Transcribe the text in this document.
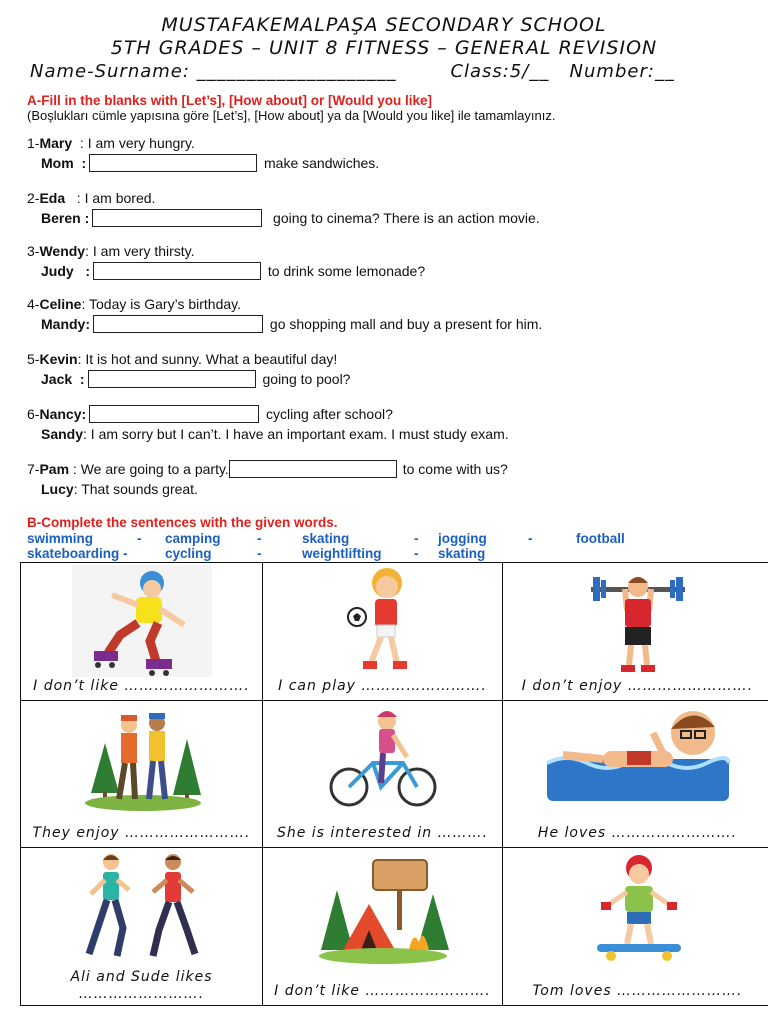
MUSTAFAKEMALPAŞA SECONDARY SCHOOL
5TH GRADES – UNIT 8 FITNESS – GENERAL REVISION
Name-Surname: ____________________        Class:5/__   Number:__
A-Fill in the blanks with [Let’s], [How about] or [Would you like]
(Boşlukları cümle yapısına göre [Let’s], [How about] ya da [Would you like] ile tamamlayınız.
1- Mary : I am very hungry.
Mom :	make sandwiches.
2- Eda : I am bored.
Beren :	going to cinema? There is an action movie.
3- Wendy : I am very thirsty.
Judy :	to drink some lemonade?
4- Celine : Today is Gary’s birthday.
Mandy :	go shopping mall and buy a present for him.
5- Kevin : It is hot and sunny. What a beautiful day!
Jack :	going to pool?
6- Nancy :	cycling after school?
Sandy : I am sorry but I can’t. I have an important exam. I must study exam.
7- Pam : We are going to a party.	to come with us?
Lucy : That sounds great.
B-Complete the sentences with the given words.
swimming	- camping	-	skating	- jogging	-	football
skateboarding -	cycling	-	weightlifting - skating
I don’t like …………………….	I can play …………………….	I don’t enjoy …………………….

They enjoy …………………….	She is interested in ……….	He loves …………………….

Ali and Sude likes
…………………….	I don’t like …………………….	Tom loves …………………….
